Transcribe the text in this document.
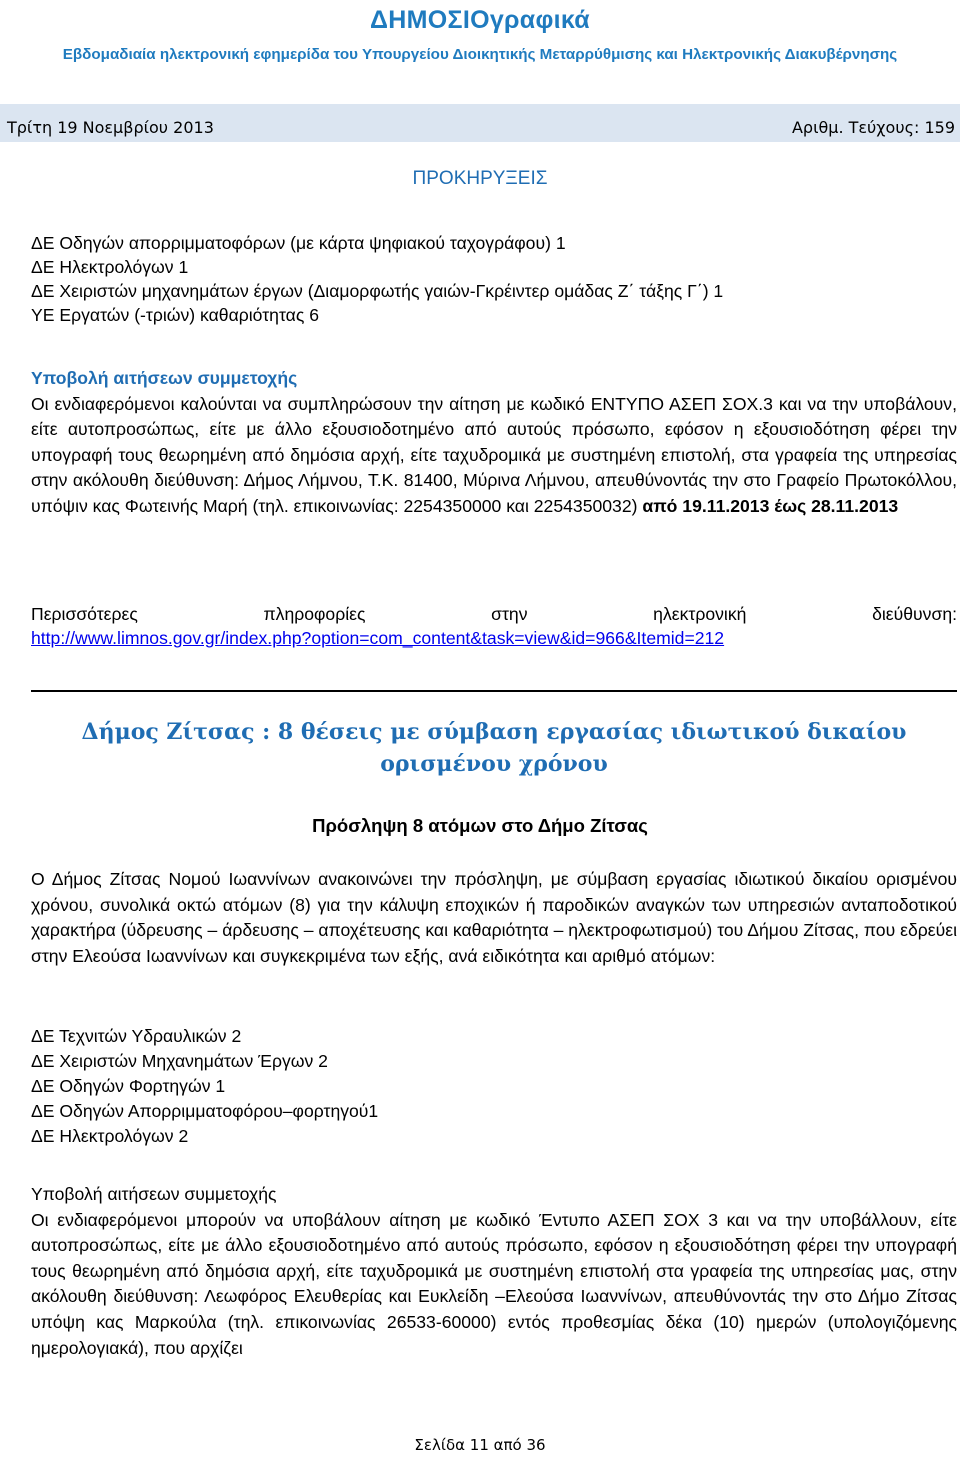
ΔΗΜΟΣΙΟγραφικά
Εβδομαδιαία ηλεκτρονική εφημερίδα του Υπουργείου Διοικητικής Μεταρρύθμισης και Ηλεκτρονικής Διακυβέρνησης
Τρίτη 19 Νοεμβρίου 2013	Αριθμ. Τεύχους: 159
ΠΡΟΚΗΡΥΞΕΙΣ

ΔΕ Οδηγών απορριμματοφόρων (με κάρτα ψηφιακού ταχογράφου) 1

ΔΕ Ηλεκτρολόγων 1

ΔΕ Χειριστών μηχανημάτων έργων (Διαμορφωτής γαιών-Γκρέιντερ ομάδας Ζ΄ τάξης Γ΄) 1

ΥΕ Εργατών (-τριών) καθαριότητας 6

Υποβολή αιτήσεων συμμετοχής

Οι ενδιαφερόμενοι καλούνται να συμπληρώσουν την αίτηση με κωδικό ΕΝΤΥΠΟ ΑΣΕΠ ΣΟΧ.3 και να την υποβάλουν, είτε αυτοπροσώπως, είτε με άλλο εξουσιοδοτημένο από αυτούς πρόσωπο, εφόσον η εξουσιοδότηση φέρει την υπογραφή τους θεωρημένη από δημόσια αρχή, είτε ταχυδρομικά με συστημένη επιστολή, στα γραφεία της υπηρεσίας στην ακόλουθη διεύθυνση: Δήμος Λήμνου, Τ.Κ. 81400, Μύρινα Λήμνου, απευθύνοντάς την στο Γραφείο Πρωτοκόλλου, υπόψιν κας Φωτεινής Μαρή (τηλ. επικοινωνίας: 2254350000 και 2254350032) από 19.11.2013 έως 28.11.2013

Περισσότερες πληροφορίες στην ηλεκτρονική διεύθυνση:

http://www.limnos.gov.gr/index.php?option=com_content&task=view&id=966&Itemid=212

Δήμος Ζίτσας : 8 θέσεις με σύμβαση εργασίας ιδιωτικού δικαίου ορισμένου χρόνου
Πρόσληψη 8 ατόμων στο Δήμο Ζίτσας
Ο Δήμος Ζίτσας Νομού Ιωαννίνων ανακοινώνει την πρόσληψη, με σύμβαση εργασίας ιδιωτικού δικαίου ορισμένου χρόνου, συνολικά οκτώ ατόμων (8) για την κάλυψη εποχικών ή παροδικών αναγκών των υπηρεσιών ανταποδοτικού χαρακτήρα (ύδρευσης – άρδευσης – αποχέτευσης και καθαριότητα – ηλεκτροφωτισμού) του Δήμου Ζίτσας, που εδρεύει στην Ελεούσα Ιωαννίνων και συγκεκριμένα των εξής, ανά ειδικότητα και αριθμό ατόμων:

ΔΕ Τεχνιτών Υδραυλικών 2

ΔΕ Χειριστών Μηχανημάτων Έργων 2

ΔΕ Οδηγών Φορτηγών 1

ΔΕ Οδηγών Απορριμματοφόρου–φορτηγού1

ΔΕ Ηλεκτρολόγων 2

Υποβολή αιτήσεων συμμετοχής

Οι ενδιαφερόμενοι μπορούν να υποβάλουν αίτηση με κωδικό Έντυπο ΑΣΕΠ ΣΟΧ 3 και να την υποβάλλουν, είτε αυτοπροσώπως, είτε με άλλο εξουσιοδοτημένο από αυτούς πρόσωπο, εφόσον η εξουσιοδότηση φέρει την υπογραφή τους θεωρημένη από δημόσια αρχή, είτε ταχυδρομικά με συστημένη επιστολή στα γραφεία της υπηρεσίας μας, στην ακόλουθη διεύθυνση: Λεωφόρος Ελευθερίας και Ευκλείδη –Ελεούσα Ιωαννίνων, απευθύνοντάς την στο Δήμο Ζίτσας υπόψη κας Μαρκούλα (τηλ. επικοινωνίας 26533-60000) εντός προθεσμίας δέκα (10) ημερών (υπολογιζόμενης ημερολογιακά), που αρχίζει

Σελίδα 11 από 36
